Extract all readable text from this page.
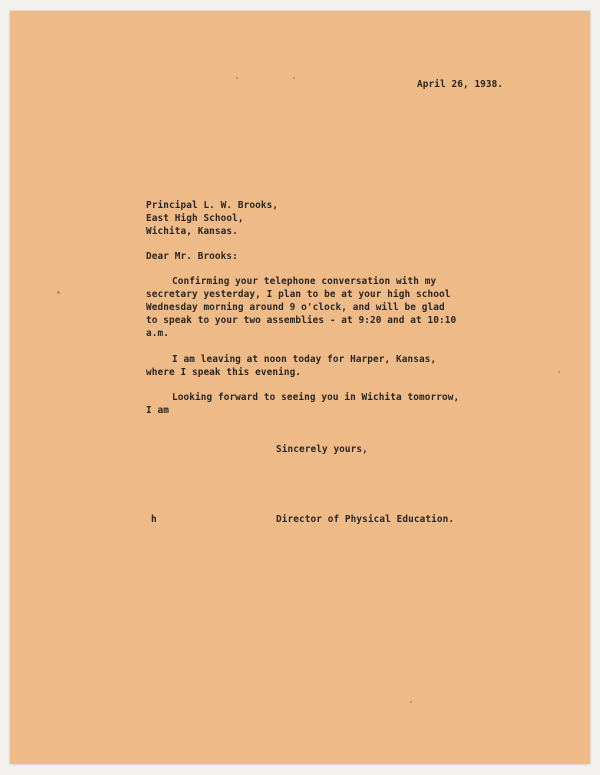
April 26, 1938.
Principal L. W. Brooks,
East High School,
Wichita, Kansas.
Dear Mr. Brooks:
Confirming your telephone conversation with my
secretary yesterday, I plan to be at your high school
Wednesday morning around 9 o'clock, and will be glad
to speak to your two assemblies - at 9:20 and at 10:10
a.m.
I am leaving at noon today for Harper, Kansas,
where I speak this evening.
Looking forward to seeing you in Wichita tomorrow,
I am
Sincerely yours,
h	Director of Physical Education.
